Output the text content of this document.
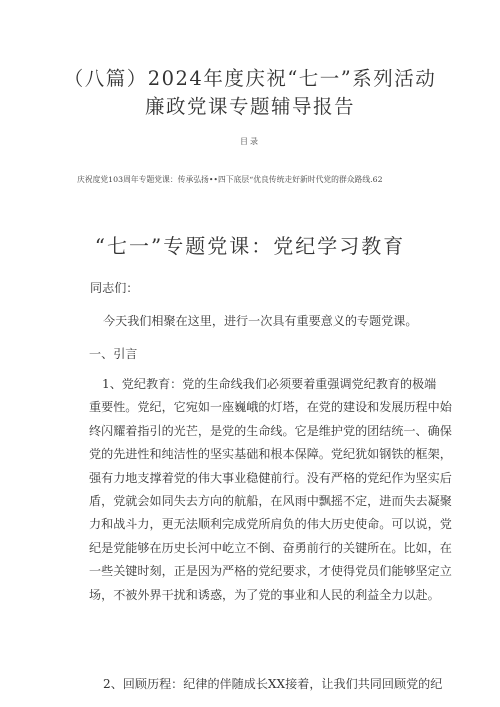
（八篇）2024年度庆祝“七一”系列活动
廉政党课专题辅导报告
目录
庆祝度党103周年专题党课：传承弘扬••四下底层“优良传统走好新时代党的群众路线.62
“七一”专题党课：党纪学习教育
同志们：
今天我们相聚在这里，进行一次具有重要意义的专题党课。
一、引言
1、党纪教育：党的生命线我们必须要着重强调党纪教育的极端
重要性。党纪，它宛如一座巍峨的灯塔，在党的建设和发展历程中始
终闪耀着指引的光芒，是党的生命线。它是维护党的团结统一、确保
党的先进性和纯洁性的坚实基础和根本保障。党纪犹如钢铁的框架，
强有力地支撑着党的伟大事业稳健前行。没有严格的党纪作为坚实后
盾，党就会如同失去方向的航船，在风雨中飘摇不定，进而失去凝聚
力和战斗力，更无法顺利完成党所肩负的伟大历史使命。可以说，党
纪是党能够在历史长河中屹立不倒、奋勇前行的关键所在。比如，在
一些关键时刻，正是因为严格的党纪要求，才使得党员们能够坚定立
场，不被外界干扰和诱惑，为了党的事业和人民的利益全力以赴。
2、回顾历程：纪律的伴随成长XX接着，让我们共同回顾党的纪
